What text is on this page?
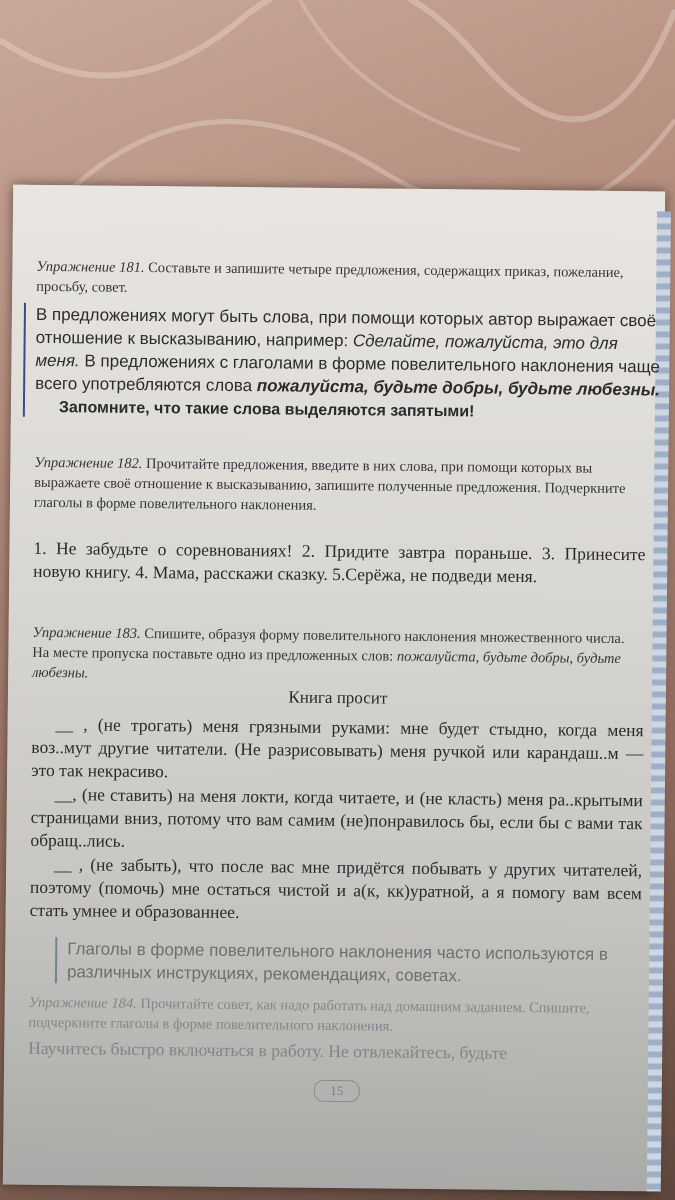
Упражнение 181. Составьте и запишите четыре предложения, содержащих приказ, пожелание, просьбу, совет.
В предложениях могут быть слова, при помощи которых автор выражает своё отношение к высказыванию, например: Сделайте, пожалуйста, это для меня. В предложениях с глаголами в форме повелительного наклонения чаще всего употребляются слова пожалуйста, будьте добры, будьте любезны.
Запомните, что такие слова выделяются запятыми!
Упражнение 182. Прочитайте предложения, введите в них слова, при помощи которых вы выражаете своё отношение к высказыванию, запишите полученные предложения. Подчеркните глаголы в форме повелительного наклонения.
1. Не забудьте о соревнованиях! 2. Придите завтра пораньше. 3. Принесите новую книгу. 4. Мама, расскажи сказку. 5.Серёжа, не подведи меня.
Упражнение 183. Спишите, образуя форму повелительного наклонения множественного числа. На месте пропуска поставьте одно из предложенных слов: пожалуйста, будьте добры, будьте любезны.
Книга просит
__ , (не трогать) меня грязными руками: мне будет стыдно, когда меня воз..мут другие читатели. (Не разрисовывать) меня ручкой или карандаш..м — это так некрасиво.
__, (не ставить) на меня локти, когда читаете, и (не класть) меня ра..крытыми страницами вниз, потому что вам самим (не)понравилось бы, если бы с вами так обращ..лись.
__ , (не забыть), что после вас мне придётся побывать у других читателей, поэтому (помочь) мне остаться чистой и а(к, кк)уратной, а я помогу вам всем стать умнее и образованнее.
Глаголы в форме повелительного наклонения часто используются в различных инструкциях, рекомендациях, советах.
Упражнение 184. Прочитайте совет, как надо работать над домашним заданием. Спишите, подчеркните глаголы в форме повелительного наклонения.
Научитесь быстро включаться в работу. Не отвлекайтесь, будьте
15
